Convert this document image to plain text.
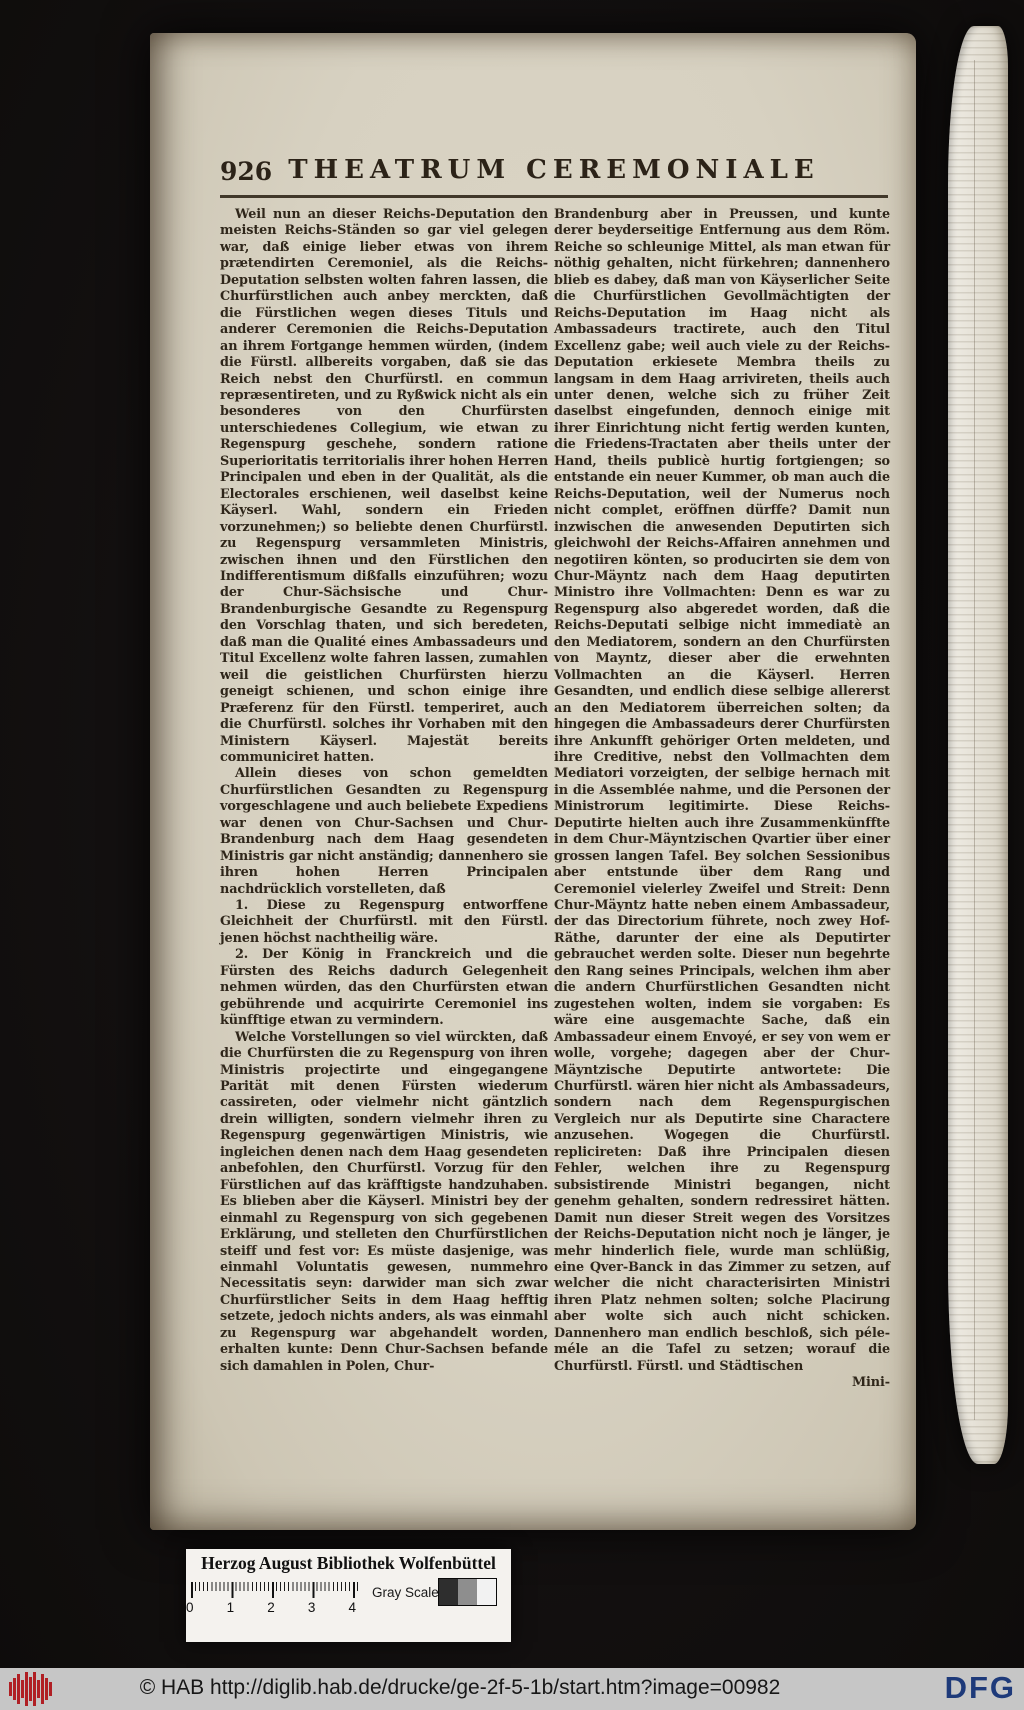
926 THEATRUM CEREMONIALE

Weil nun an dieser Reichs-Deputation den meisten Reichs-Ständen so gar viel gelegen war, daß einige lieber etwas von ihrem prætendirten Ceremoniel, als die Reichs-Deputation selbsten wolten fahren lassen, die Churfürstlichen auch anbey merckten, daß die Fürstlichen wegen dieses Tituls und anderer Ceremonien die Reichs-Deputation an ihrem Fortgange hemmen würden, (indem die Fürstl. allbereits vorgaben, daß sie das Reich nebst den Churfürstl. en commun repræsentireten, und zu Ryßwick nicht als ein besonderes von den Churfürsten unterschiedenes Collegium, wie etwan zu Regenspurg geschehe, sondern ratione Superioritatis territorialis ihrer hohen Herren Principalen und eben in der Qualität, als die Electorales erschienen, weil daselbst keine Käyserl. Wahl, sondern ein Frieden vorzunehmen;) so beliebte denen Churfürstl. zu Regenspurg versammleten Ministris, zwischen ihnen und den Fürstlichen den Indifferentismum dißfalls einzuführen; wozu der Chur-Sächsische und Chur-Brandenburgische Gesandte zu Regenspurg den Vorschlag thaten, und sich beredeten, daß man die Qualité eines Ambassadeurs und Titul Excellenz wolte fahren lassen, zumahlen weil die geistlichen Churfürsten hierzu geneigt schienen, und schon einige ihre Præferenz für den Fürstl. temperiret, auch die Churfürstl. solches ihr Vorhaben mit den Ministern Käyserl. Majestät bereits communiciret hatten.

Allein dieses von schon gemeldten Churfürstlichen Gesandten zu Regenspurg vorgeschlagene und auch beliebete Expediens war denen von Chur-Sachsen und Chur-Brandenburg nach dem Haag gesendeten Ministris gar nicht anständig; dannenhero sie ihren hohen Herren Principalen nachdrücklich vorstelleten, daß

1. Diese zu Regenspurg entworffene Gleichheit der Churfürstl. mit den Fürstl. jenen höchst nachtheilig wäre.

2. Der König in Franckreich und die Fürsten des Reichs dadurch Gelegenheit nehmen würden, das den Churfürsten etwan gebührende und acquirirte Ceremoniel ins künfftige etwan zu vermindern.

Welche Vorstellungen so viel würckten, daß die Churfürsten die zu Regenspurg von ihren Ministris projectirte und eingegangene Parität mit denen Fürsten wiederum cassireten, oder vielmehr nicht gäntzlich drein willigten, sondern vielmehr ihren zu Regenspurg gegenwärtigen Ministris, wie ingleichen denen nach dem Haag gesendeten anbefohlen, den Churfürstl. Vorzug für den Fürstlichen auf das kräfftigste handzuhaben. Es blieben aber die Käyserl. Ministri bey der einmahl zu Regenspurg von sich gegebenen Erklärung, und stelleten den Churfürstlichen steiff und fest vor: Es müste dasjenige, was einmahl Voluntatis gewesen, nummehro Necessitatis seyn: darwider man sich zwar Churfürstlicher Seits in dem Haag hefftig setzete, jedoch nichts anders, als was einmahl zu Regenspurg war abgehandelt worden, erhalten kunte: Denn Chur-Sachsen befande sich damahlen in Polen, Chur-

Brandenburg aber in Preussen, und kunte derer beyderseitige Entfernung aus dem Röm. Reiche so schleunige Mittel, als man etwan für nöthig gehalten, nicht fürkehren; dannenhero blieb es dabey, daß man von Käyserlicher Seite die Churfürstlichen Gevollmächtigten der Reichs-Deputation im Haag nicht als Ambassadeurs tractirete, auch den Titul Excellenz gabe; weil auch viele zu der Reichs-Deputation erkiesete Membra theils zu langsam in dem Haag arrivireten, theils auch unter denen, welche sich zu früher Zeit daselbst eingefunden, dennoch einige mit ihrer Einrichtung nicht fertig werden kunten, die Friedens-Tractaten aber theils unter der Hand, theils publicè hurtig fortgiengen; so entstande ein neuer Kummer, ob man auch die Reichs-Deputation, weil der Numerus noch nicht complet, eröffnen dürffe? Damit nun inzwischen die anwesenden Deputirten sich gleichwohl der Reichs-Affairen annehmen und negotiiren könten, so producirten sie dem von Chur-Mäyntz nach dem Haag deputirten Ministro ihre Vollmachten: Denn es war zu Regenspurg also abgeredet worden, daß die Reichs-Deputati selbige nicht immediatè an den Mediatorem, sondern an den Churfürsten von Mayntz, dieser aber die erwehnten Vollmachten an die Käyserl. Herren Gesandten, und endlich diese selbige allererst an den Mediatorem überreichen solten; da hingegen die Ambassadeurs derer Churfürsten ihre Ankunfft gehöriger Orten meldeten, und ihre Creditive, nebst den Vollmachten dem Mediatori vorzeigten, der selbige hernach mit in die Assemblée nahme, und die Personen der Ministrorum legitimirte. Diese Reichs-Deputirte hielten auch ihre Zusammenkünffte in dem Chur-Mäyntzischen Qvartier über einer grossen langen Tafel. Bey solchen Sessionibus aber entstunde über dem Rang und Ceremoniel vielerley Zweifel und Streit: Denn Chur-Mäyntz hatte neben einem Ambassadeur, der das Directorium führete, noch zwey Hof-Räthe, darunter der eine als Deputirter gebrauchet werden solte. Dieser nun begehrte den Rang seines Principals, welchen ihm aber die andern Churfürstlichen Gesandten nicht zugestehen wolten, indem sie vorgaben: Es wäre eine ausgemachte Sache, daß ein Ambassadeur einem Envoyé, er sey von wem er wolle, vorgehe; dagegen aber der Chur-Mäyntzische Deputirte antwortete: Die Churfürstl. wären hier nicht als Ambassadeurs, sondern nach dem Regenspurgischen Vergleich nur als Deputirte sine Charactere anzusehen. Wogegen die Churfürstl. replicireten: Daß ihre Principalen diesen Fehler, welchen ihre zu Regenspurg subsistirende Ministri begangen, nicht genehm gehalten, sondern redressiret hätten. Damit nun dieser Streit wegen des Vorsitzes der Reichs-Deputation nicht noch je länger, je mehr hinderlich fiele, wurde man schlüßig, eine Qver-Banck in das Zimmer zu setzen, auf welcher die nicht characterisirten Ministri ihren Platz nehmen solten; solche Placirung aber wolte sich auch nicht schicken. Dannenhero man endlich beschloß, sich péle-méle an die Tafel zu setzen; worauf die Churfürstl. Fürstl. und Städtischen

Mini-

Herzog August Bibliothek Wolfenbüttel
0 1 2 3 4
Gray Scale
© HAB http://diglib.hab.de/drucke/ge-2f-5-1b/start.htm?image=00982	DFG
